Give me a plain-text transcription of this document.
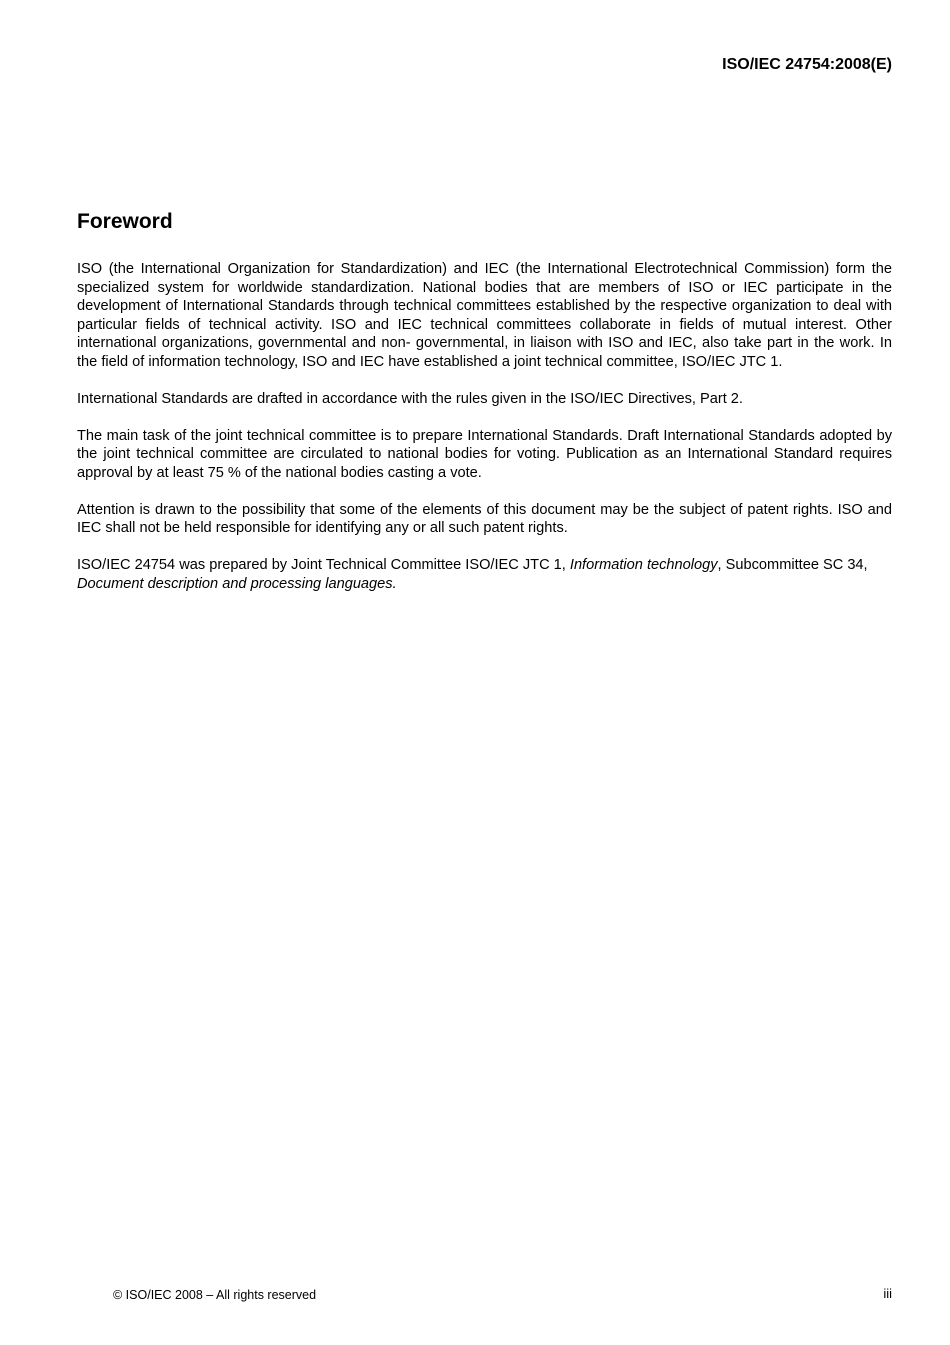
ISO/IEC 24754:2008(E)
Foreword

ISO (the International Organization for Standardization) and IEC (the International Electrotechnical Commission) form the specialized system for worldwide standardization. National bodies that are members of ISO or IEC participate in the development of International Standards through technical committees established by the respective organization to deal with particular fields of technical activity. ISO and IEC technical committees collaborate in fields of mutual interest. Other international organizations, governmental and non- governmental, in liaison with ISO and IEC, also take part in the work. In the field of information technology, ISO and IEC have established a joint technical committee, ISO/IEC JTC 1.

International Standards are drafted in accordance with the rules given in the ISO/IEC Directives, Part 2.

The main task of the joint technical committee is to prepare International Standards. Draft International Standards adopted by the joint technical committee are circulated to national bodies for voting. Publication as an International Standard requires approval by at least 75 % of the national bodies casting a vote.

Attention is drawn to the possibility that some of the elements of this document may be the subject of patent rights. ISO and IEC shall not be held responsible for identifying any or all such patent rights.

ISO/IEC 24754 was prepared by Joint Technical Committee ISO/IEC JTC 1, Information technology, Subcommittee SC 34, Document description and processing languages.

© ISO/IEC 2008 – All rights reserved	iii
